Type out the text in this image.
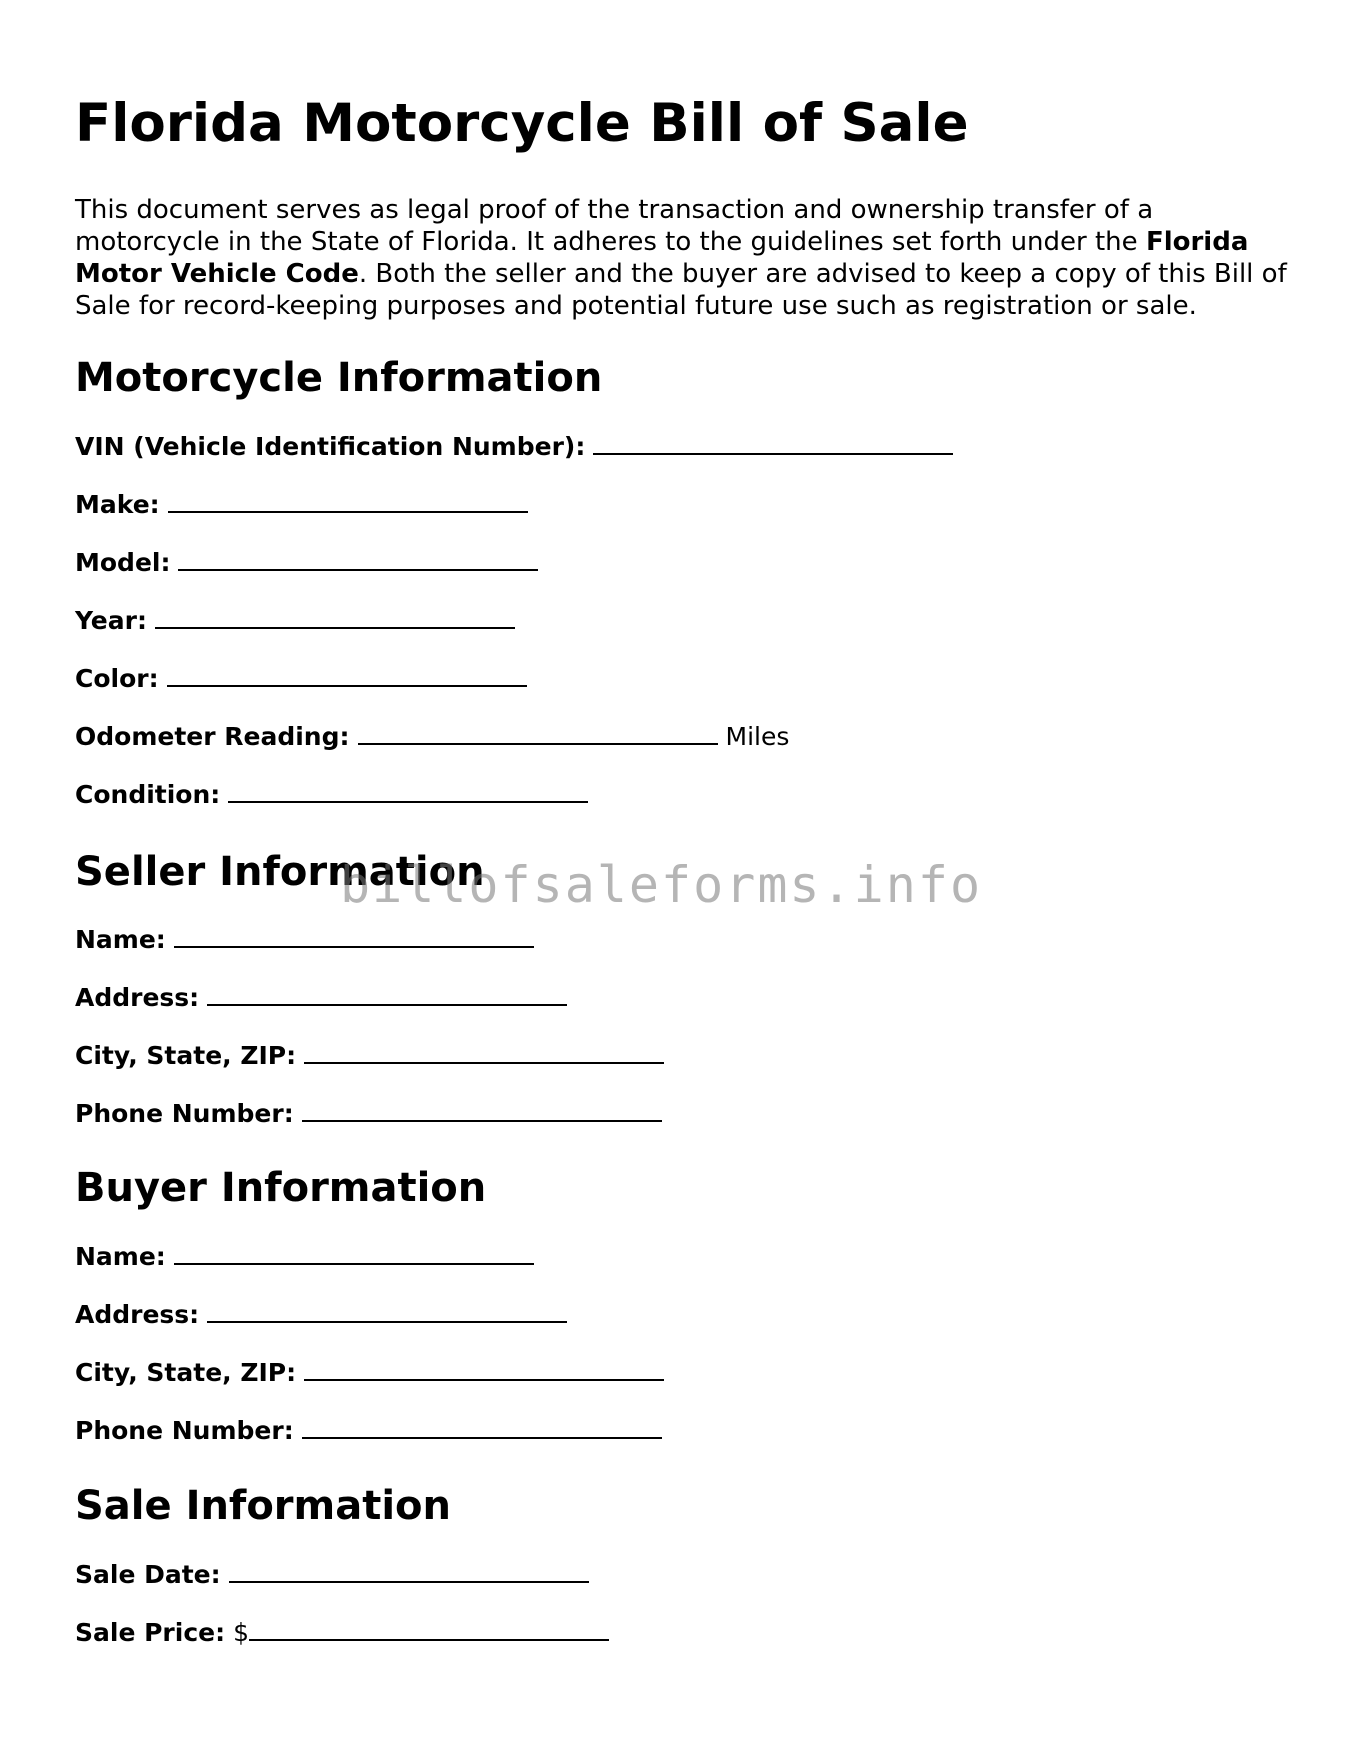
Florida Motorcycle Bill of Sale

This document serves as legal proof of the transaction and ownership transfer of a motorcycle in the State of Florida. It adheres to the guidelines set forth under the Florida Motor Vehicle Code. Both the seller and the buyer are advised to keep a copy of this Bill of Sale for record-keeping purposes and potential future use such as registration or sale.

Motorcycle Information
VIN (Vehicle Identification Number):
Make:
Model:
Year:
Color:
Odometer Reading:	Miles
Condition:
Seller Information
Name:
Address:
City, State, ZIP:
Phone Number:
Buyer Information
Name:
Address:
City, State, ZIP:
Phone Number:
Sale Information
Sale Date:
Sale Price: $
billofsaleforms.info
